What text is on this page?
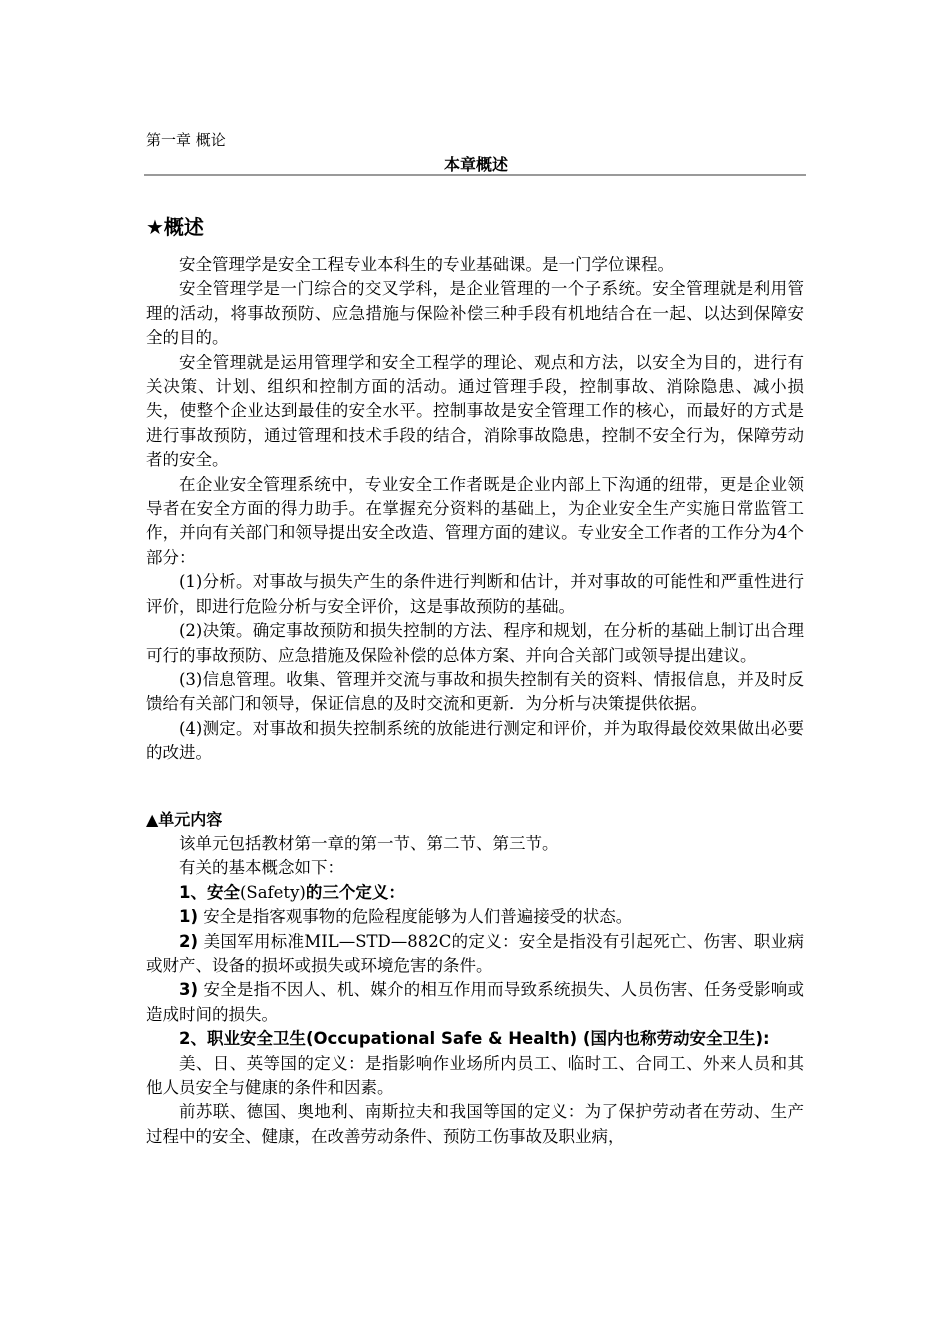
第一章 概论
本章概述
★概述

安全管理学是安全工程专业本科生的专业基础课。是一门学位课程。

安全管理学是一门综合的交叉学科，是企业管理的一个子系统。安全管理就是利用管理的活动，将事故预防、应急措施与保险补偿三种手段有机地结合在一起、以达到保障安全的目的。

安全管理就是运用管理学和安全工程学的理论、观点和方法，以安全为目的，进行有关决策、计划、组织和控制方面的活动。通过管理手段，控制事故、消除隐患、减小损失，使整个企业达到最佳的安全水平。控制事故是安全管理工作的核心，而最好的方式是进行事故预防，通过管理和技术手段的结合，消除事故隐患，控制不安全行为，保障劳动者的安全。

在企业安全管理系统中，专业安全工作者既是企业内部上下沟通的纽带，更是企业领导者在安全方面的得力助手。在掌握充分资料的基础上，为企业安全生产实施日常监管工作，并向有关部门和领导提出安全改造、管理方面的建议。专业安全工作者的工作分为4个部分：

(1)分析。对事故与损失产生的条件进行判断和估计，并对事故的可能性和严重性进行评价，即进行危险分析与安全评价，这是事故预防的基础。

(2)决策。确定事故预防和损失控制的方法、程序和规划，在分析的基础上制订出合理可行的事故预防、应急措施及保险补偿的总体方案、并向合关部门或领导提出建议。

(3)信息管理。收集、管理并交流与事故和损失控制有关的资料、情报信息，并及时反馈给有关部门和领导，保证信息的及时交流和更新．为分析与决策提供依据。

(4)测定。对事故和损失控制系统的放能进行测定和评价，并为取得最佼效果做出必要的改进。

▲单元内容

该单元包括教材第一章的第一节、第二节、第三节。

有关的基本概念如下：

1、安全(Safety)的三个定义：

1) 安全是指客观事物的危险程度能够为人们普遍接受的状态。

2) 美国军用标准MIL—STD—882C的定义：安全是指没有引起死亡、伤害、职业病或财产、设备的损坏或损失或环境危害的条件。

3) 安全是指不因人、机、媒介的相互作用而导致系统损失、人员伤害、任务受影响或造成时间的损失。

2、职业安全卫生(Occupational Safe & Health) (国内也称劳动安全卫生):

美、日、英等国的定义：是指影响作业场所内员工、临时工、合同工、外来人员和其他人员安全与健康的条件和因素。

前苏联、德国、奥地利、南斯拉夫和我国等国的定义：为了保护劳动者在劳动、生产过程中的安全、健康，在改善劳动条件、预防工伤事故及职业病，
